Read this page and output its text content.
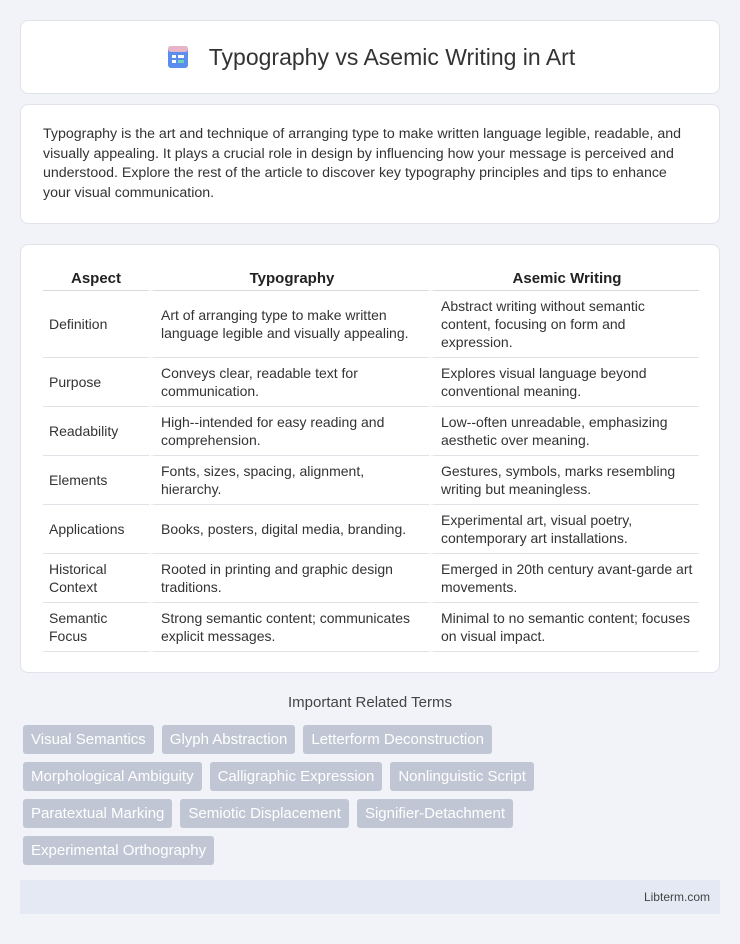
Typography vs Asemic Writing in Art

Typography is the art and technique of arranging type to make written language legible, readable, and visually appealing. It plays a crucial role in design by influencing how your message is perceived and understood. Explore the rest of the article to discover key typography principles and tips to enhance your visual communication.

Aspect	Typography	Asemic Writing
Definition	Art of arranging type to make written language legible and visually appealing.	Abstract writing without semantic content, focusing on form and expression.
Purpose	Conveys clear, readable text for communication.	Explores visual language beyond conventional meaning.
Readability	High--intended for easy reading and comprehension.	Low--often unreadable, emphasizing aesthetic over meaning.
Elements	Fonts, sizes, spacing, alignment, hierarchy.	Gestures, symbols, marks resembling writing but meaningless.
Applications	Books, posters, digital media, branding.	Experimental art, visual poetry, contemporary art installations.
Historical Context	Rooted in printing and graphic design traditions.	Emerged in 20th century avant-garde art movements.
Semantic Focus	Strong semantic content; communicates explicit messages.	Minimal to no semantic content; focuses on visual impact.
Important Related Terms
Visual Semantics	Glyph Abstraction	Letterform Deconstruction
Morphological Ambiguity	Calligraphic Expression	Nonlinguistic Script
Paratextual Marking	Semiotic Displacement	Signifier-Detachment
Experimental Orthography
Libterm.com
